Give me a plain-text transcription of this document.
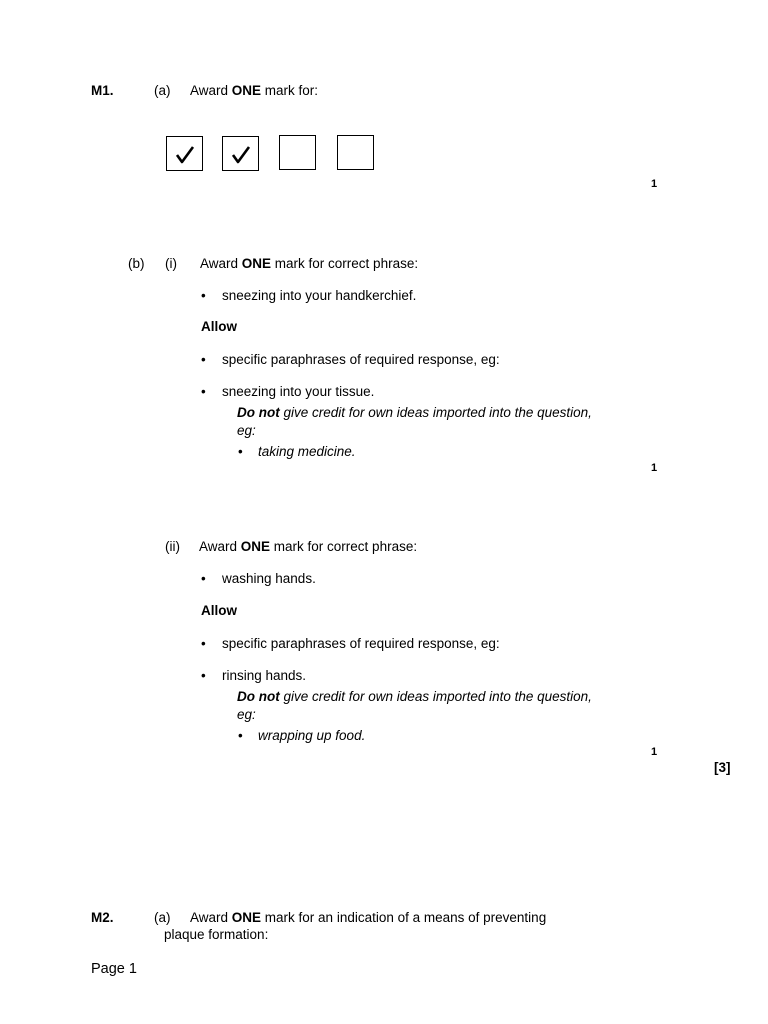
M1.	(a) Award ONE mark for:
1
(b) (i) Award ONE mark for correct phrase:
• sneezing into your handkerchief.
Allow
• specific paraphrases of required response, eg:
• sneezing into your tissue.
Do not give credit for own ideas imported into the question,
eg:
• taking medicine.
1
(ii) Award ONE mark for correct phrase:
• washing hands.
Allow
• specific paraphrases of required response, eg:
• rinsing hands.
Do not give credit for own ideas imported into the question,
eg:
• wrapping up food.
1
[3]
M2.	(a) Award ONE mark for an indication of a means of preventing
plaque formation:
Page 1
